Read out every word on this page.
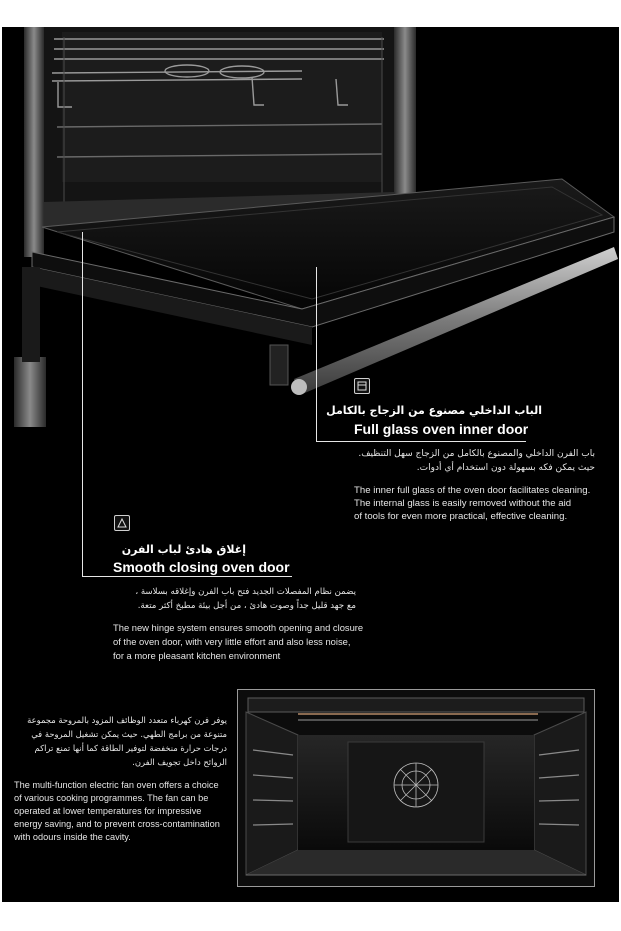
الباب الداخلي مصنوع من الزجاج بالكامل
Full glass oven inner door
باب الفرن الداخلي والمصنوع بالكامل من الزجاج سهل التنظيف.
حيث يمكن فكه بسهولة دون استخدام أي أدوات.
The inner full glass of the oven door facilitates cleaning.
The internal glass is easily removed without the aid
of tools for even more practical, effective cleaning.
إغلاق هادئ لباب الفرن
Smooth closing oven door
يضمن نظام المفصلات الجديد فتح باب الفرن وإغلاقه بسلاسة ،
مع جهد قليل جداً وصوت هادئ ، من أجل بيئة مطبخ أكثر متعة.
The new hinge system ensures smooth opening and closure
of the oven door, with very little effort and also less noise,
for a more pleasant kitchen environment
يوفر فرن كهرباء متعدد الوظائف المزود بالمروحة مجموعة
متنوعة من برامج الطهي. حيث يمكن تشغيل المروحة في
درجات حرارة منخفضة لتوفير الطاقة كما أنها تمنع تراكم
الروائح داخل تجويف الفرن.
The multi-function electric fan oven offers a choice
of various cooking programmes. The fan can be
operated at lower temperatures for impressive
energy saving, and to prevent cross-contamination
with odours inside the cavity.
